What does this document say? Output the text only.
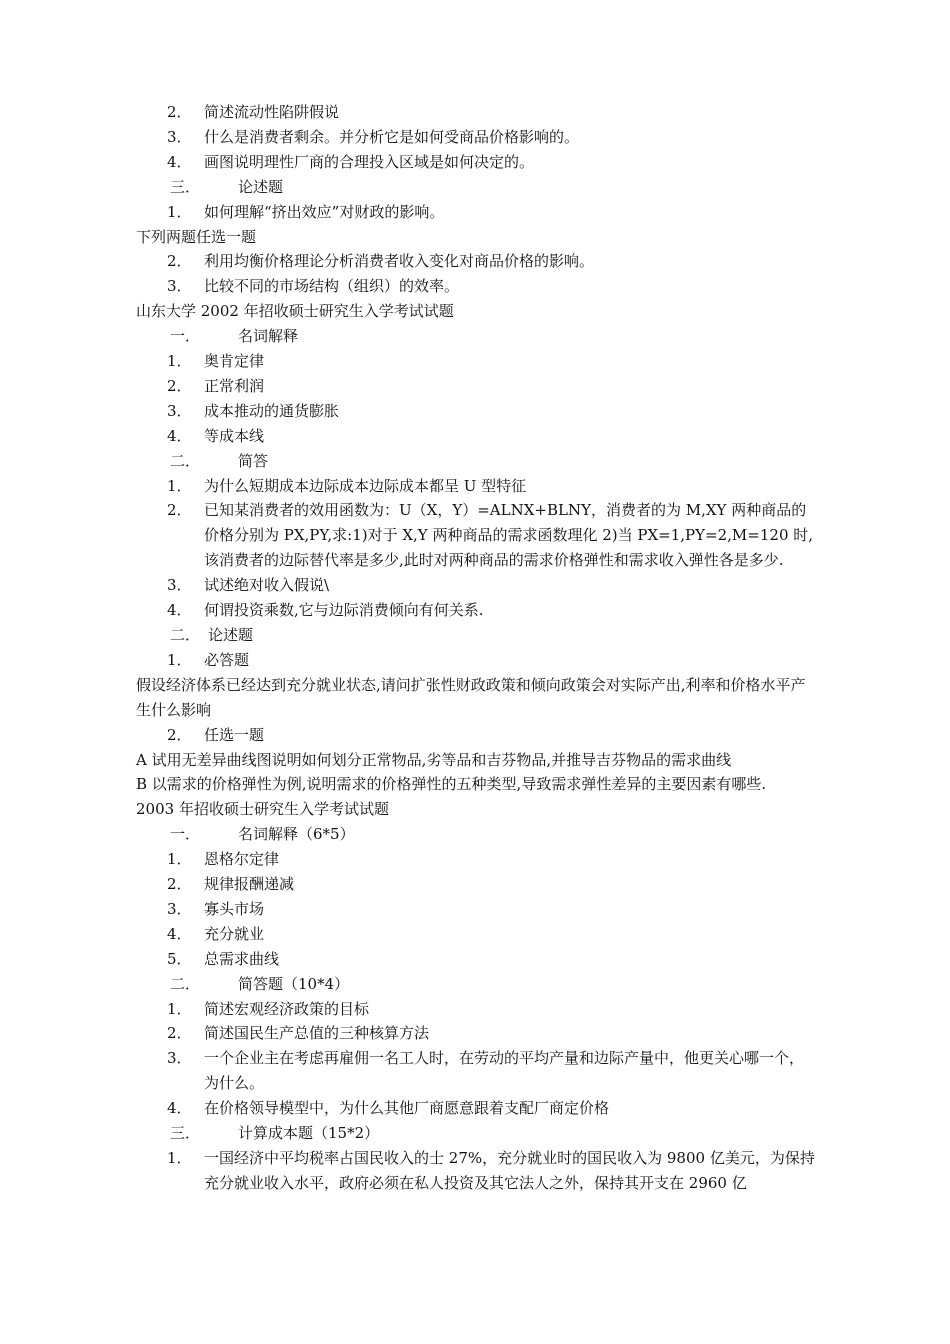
2． 简述流动性陷阱假说
3． 什么是消费者剩余。并分析它是如何受商品价格影响的。
4． 画图说明理性厂商的合理投入区域是如何决定的。
三．	论述题
1． 如何理解“挤出效应”对财政的影响。
下列两题任选一题
2． 利用均衡价格理论分析消费者收入变化对商品价格的影响。
3． 比较不同的市场结构（组织）的效率。
山东大学 2002 年招收硕士研究生入学考试试题
一．	名词解释
1． 奥肯定律
2． 正常利润
3． 成本推动的通货膨胀
4． 等成本线
二．	简答
1． 为什么短期成本边际成本边际成本都呈 U 型特征
2． 已知某消费者的效用函数为：U（X，Y）=ALNX+BLNY，消费者的为 M,XY 两种商品的价格分别为 PX,PY,求:1)对于 X,Y 两种商品的需求函数理化 2)当 PX=1,PY=2,M=120 时,该消费者的边际替代率是多少,此时对两种商品的需求价格弹性和需求收入弹性各是多少.
3． 试述绝对收入假说\
4． 何谓投资乘数,它与边际消费倾向有何关系.
二． 论述题
1． 必答题
假设经济体系已经达到充分就业状态,请问扩张性财政政策和倾向政策会对实际产出,利率和价格水平产生什么影响
2． 任选一题
A 试用无差异曲线图说明如何划分正常物品,劣等品和吉芬物品,并推导吉芬物品的需求曲线
B 以需求的价格弹性为例,说明需求的价格弹性的五种类型,导致需求弹性差异的主要因素有哪些.
2003 年招收硕士研究生入学考试试题
一．	名词解释（6*5）
1． 恩格尔定律
2． 规律报酬递减
3． 寡头市场
4． 充分就业
5． 总需求曲线
二．	简答题（10*4）
1． 简述宏观经济政策的目标
2． 简述国民生产总值的三种核算方法
3． 一个企业主在考虑再雇佣一名工人时，在劳动的平均产量和边际产量中，他更关心哪一个，为什么。
4． 在价格领导模型中，为什么其他厂商愿意跟着支配厂商定价格
三．	计算成本题（15*2）
1． 一国经济中平均税率占国民收入的士 27%，充分就业时的国民收入为 9800 亿美元，为保持充分就业收入水平，政府必须在私人投资及其它法人之外，保持其开支在 2960 亿
